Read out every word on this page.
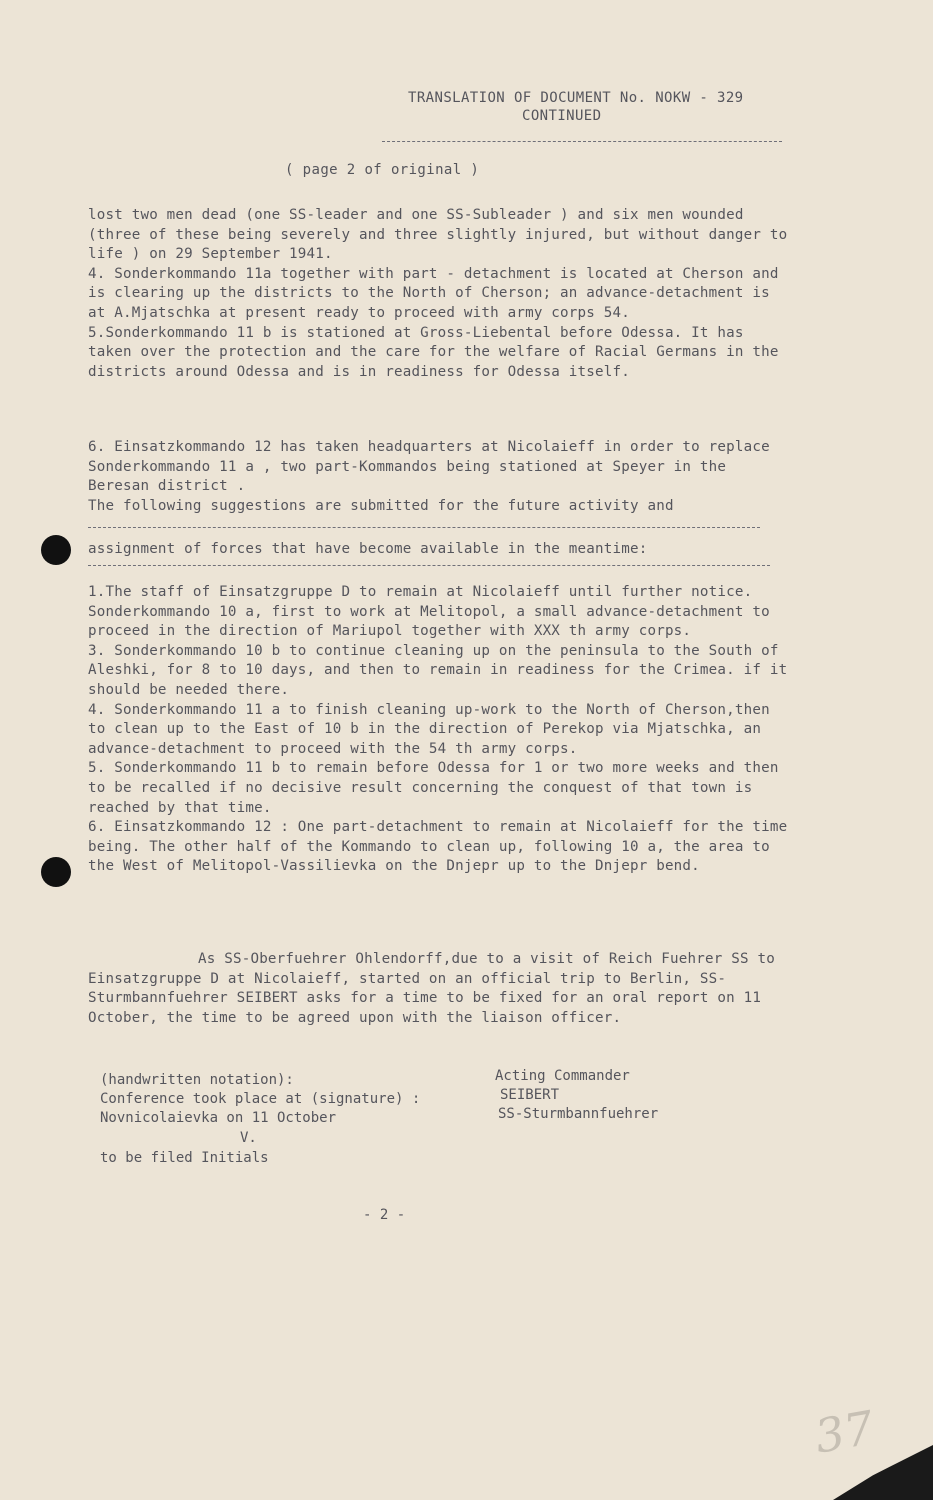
TRANSLATION OF DOCUMENT No. NOKW - 329
CONTINUED
( page 2 of original )

lost two men dead (one SS-leader and one SS-Subleader ) and six men wounded (three of these being severely and three slightly injured, but without danger to life ) on 29 September 1941.
4. Sonderkommando 11a together with part - detachment is located at Cherson and is clearing up the districts to the North of Cherson; an advance-detachment is at A.Mjatschka at present ready to proceed with army corps 54.
5.Sonderkommando 11 b is stationed at Gross-Liebental before Odessa. It has taken over the protection and the care for the welfare of Racial Germans in the districts around Odessa and is in readiness for Odessa itself.

6. Einsatzkommando 12 has taken headquarters at Nicolaieff in order to replace Sonderkommando 11 a , two part-Kommandos being stationed at Speyer in the Beresan district .
The following suggestions are submitted for the future activity and

assignment of forces that have become available in the meantime:

1.The staff of Einsatzgruppe D to remain at Nicolaieff until further notice.
Sonderkommando 10 a, first to work at Melitopol, a small advance-detachment to proceed in the direction of Mariupol together with XXX th army corps.
3. Sonderkommando 10 b to continue cleaning up on the peninsula to the South of Aleshki, for 8 to 10 days, and then to remain in readiness for the Crimea. if it should be needed there.
4. Sonderkommando 11 a to finish cleaning up-work to the North of Cherson,then to clean up to the East of 10 b in the direction of Perekop via Mjatschka, an advance-detachment to proceed with the 54 th army corps.
5. Sonderkommando 11 b to remain before Odessa for 1 or two more weeks and then to be recalled if no decisive result concerning the conquest of that town is reached by that time.
6. Einsatzkommando 12 : One part-detachment to remain at Nicolaieff for the time being. The other half of the Kommando to clean up, following 10 a, the area to the West of Melitopol-Vassilievka on the Dnjepr up to the Dnjepr bend.

As SS-Oberfuehrer Ohlendorff,due to a visit of Reich Fuehrer SS to Einsatzgruppe D at Nicolaieff, started on an official trip to Berlin, SS-Sturmbannfuehrer SEIBERT asks for a time to be fixed for an oral report on 11 October, the time to be agreed upon with the liaison officer.

(handwritten notation):
Conference took place at (signature) :
Novnicolaievka on 11 October
V.
to be filed Initials
Acting Commander
SEIBERT
SS-Sturmbannfuehrer
- 2 -
37
